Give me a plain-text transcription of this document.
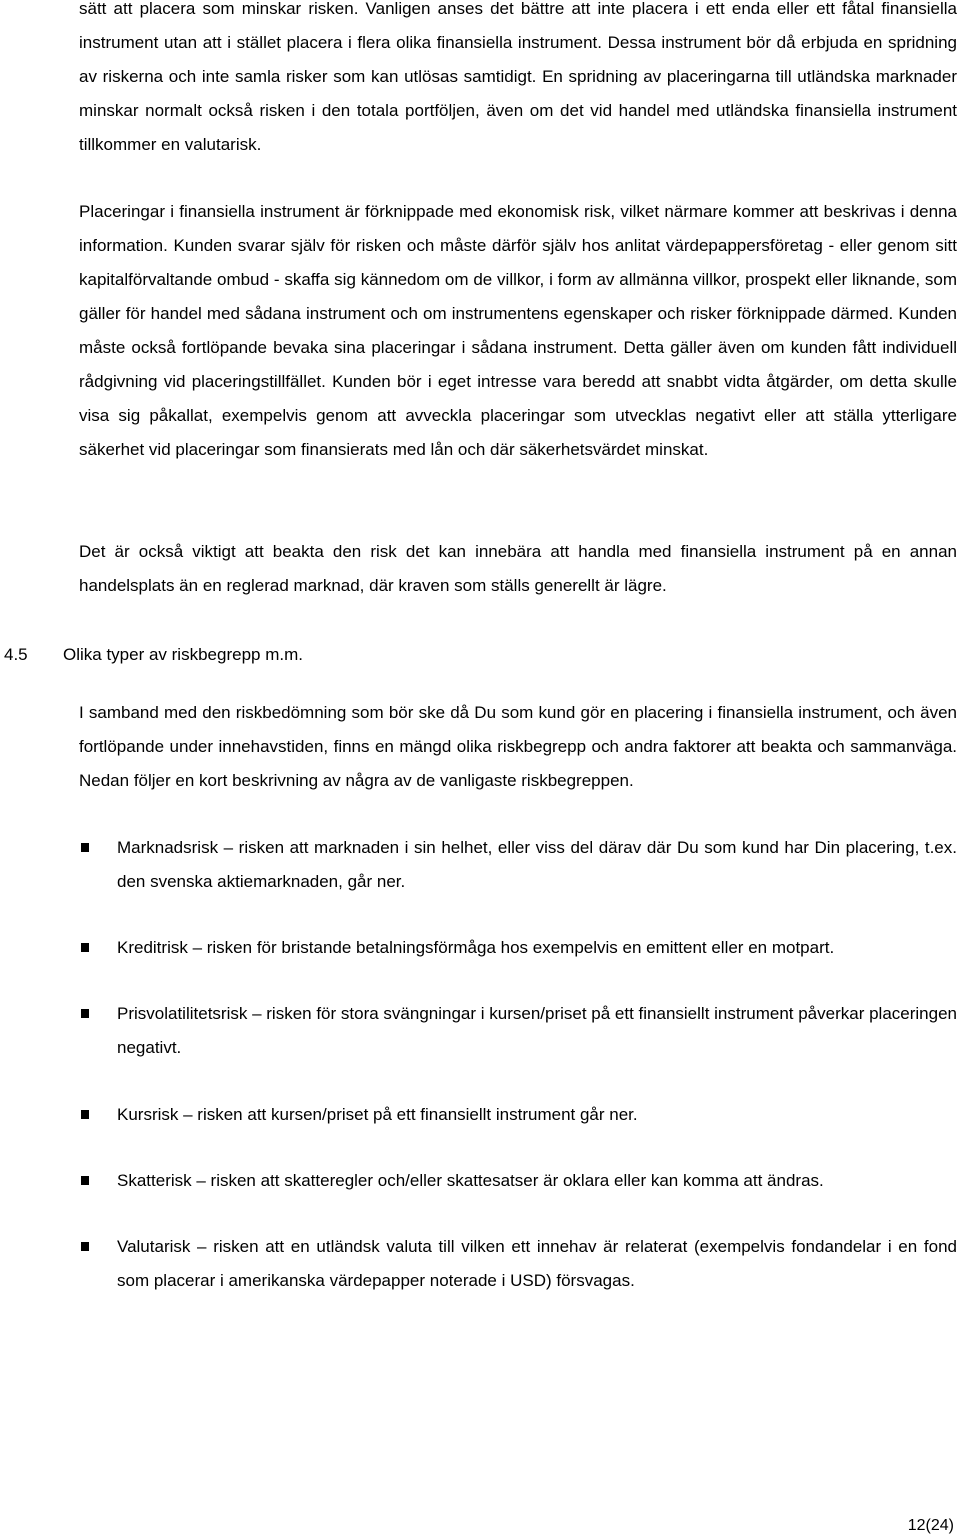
sätt att placera som minskar risken. Vanligen anses det bättre att inte placera i ett enda eller ett fåtal finansiella instrument utan att i stället placera i flera olika finansiella instrument. Dessa instrument bör då erbjuda en spridning av riskerna och inte samla risker som kan utlösas samtidigt. En spridning av placeringarna till utländska marknader minskar normalt också risken i den totala portföljen, även om det vid handel med utländska finansiella instrument tillkommer en valutarisk.

Placeringar i finansiella instrument är förknippade med ekonomisk risk, vilket närmare kommer att beskrivas i denna information. Kunden svarar själv för risken och måste därför själv hos anlitat värdepappersföretag - eller genom sitt kapitalförvaltande ombud - skaffa sig kännedom om de villkor, i form av allmänna villkor, prospekt eller liknande, som gäller för handel med sådana instrument och om instrumentens egenskaper och risker förknippade därmed. Kunden måste också fortlöpande bevaka sina placeringar i sådana instrument. Detta gäller även om kunden fått individuell rådgivning vid placeringstillfället. Kunden bör i eget intresse vara beredd att snabbt vidta åtgärder, om detta skulle visa sig påkallat, exempelvis genom att avveckla placeringar som utvecklas negativt eller att ställa ytterligare säkerhet vid placeringar som finansierats med lån och där säkerhetsvärdet minskat.

Det är också viktigt att beakta den risk det kan innebära att handla med finansiella instrument på en annan handelsplats än en reglerad marknad, där kraven som ställs generellt är lägre.

4.5 Olika typer av riskbegrepp m.m.

I samband med den riskbedömning som bör ske då Du som kund gör en placering i finansiella instrument, och även fortlöpande under innehavstiden, finns en mängd olika riskbegrepp och andra faktorer att beakta och sammanväga. Nedan följer en kort beskrivning av några av de vanligaste riskbegreppen.

Marknadsrisk – risken att marknaden i sin helhet, eller viss del därav där Du som kund har Din placering, t.ex. den svenska aktiemarknaden, går ner.

Kreditrisk – risken för bristande betalningsförmåga hos exempelvis en emittent eller en motpart.

Prisvolatilitetsrisk – risken för stora svängningar i kursen/priset på ett finansiellt instrument påverkar placeringen negativt.

Kursrisk – risken att kursen/priset på ett finansiellt instrument går ner.

Skatterisk – risken att skatteregler och/eller skattesatser är oklara eller kan komma att ändras.

Valutarisk – risken att en utländsk valuta till vilken ett innehav är relaterat (exempelvis fondandelar i en fond som placerar i amerikanska värdepapper noterade i USD) försvagas.

12(24)
